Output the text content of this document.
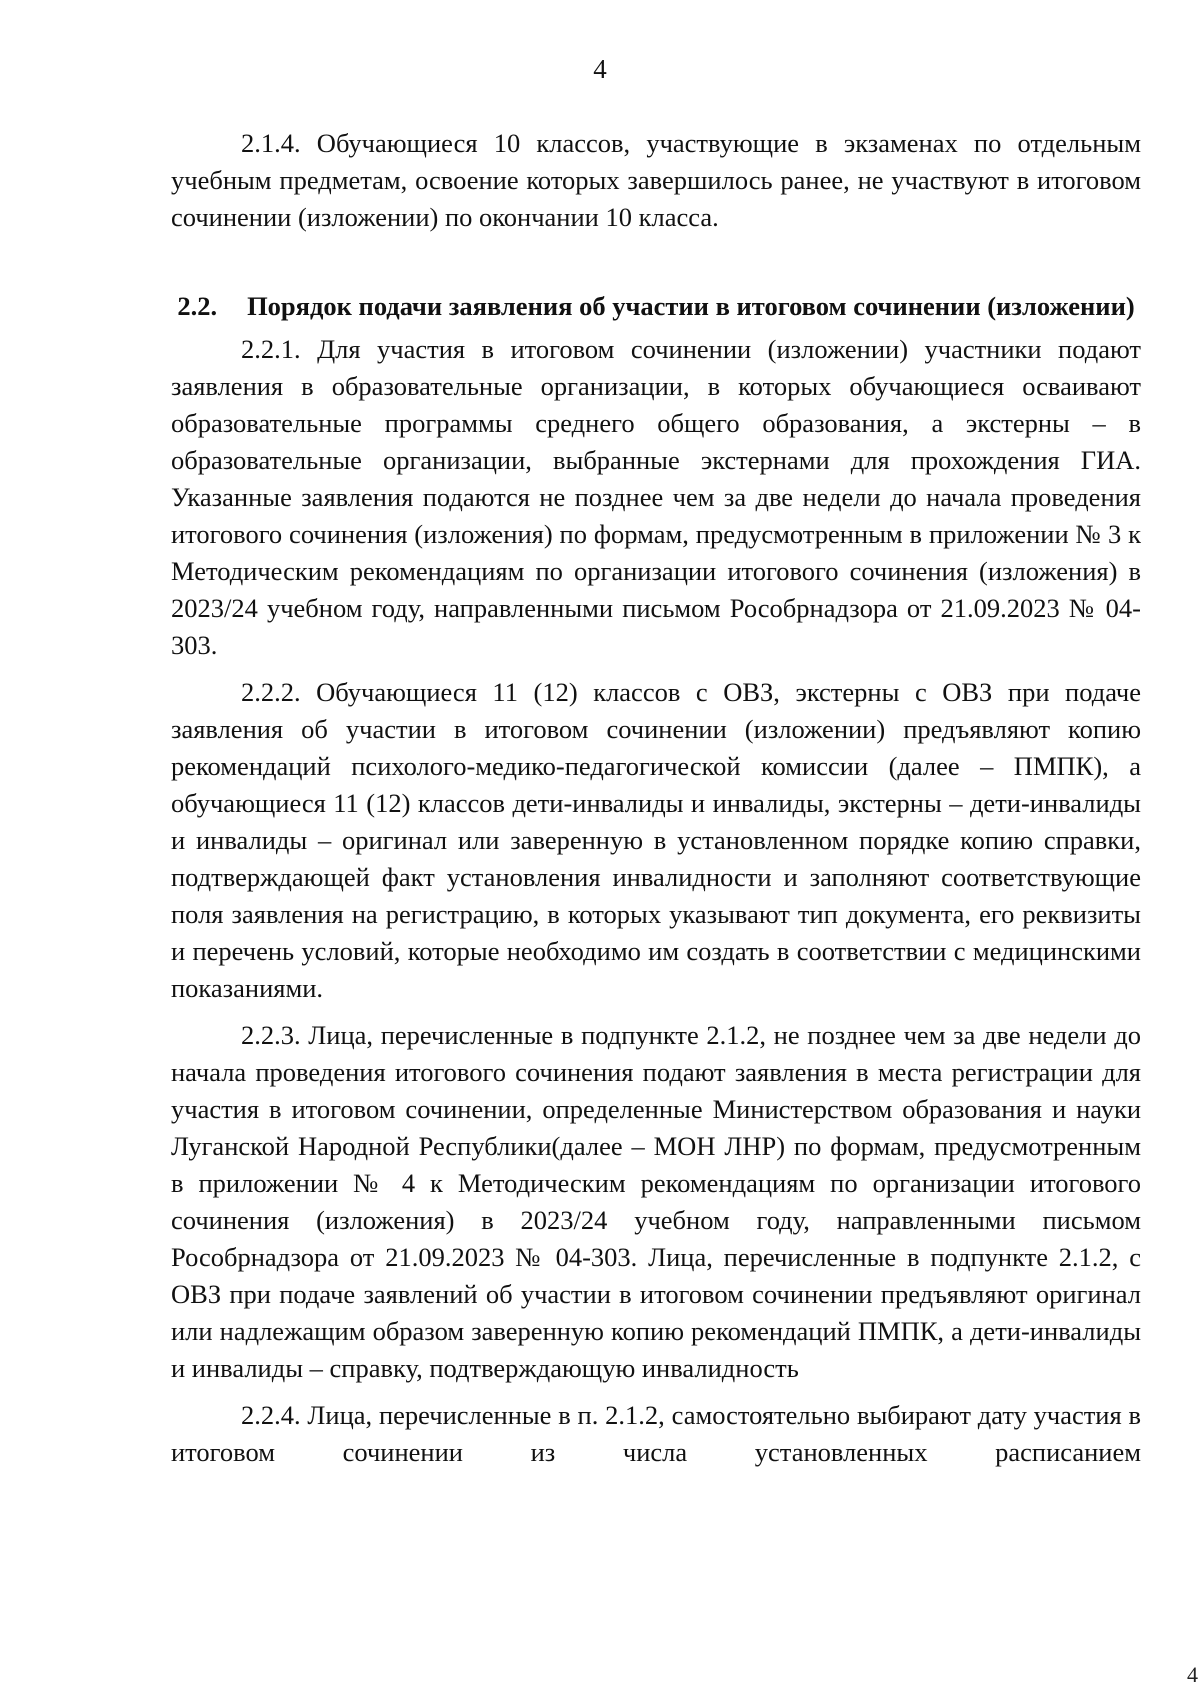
4

2.1.4. Обучающиеся 10 классов, участвующие в экзаменах по отдельным учебным предметам, освоение которых завершилось ранее, не участвуют в итоговом сочинении (изложении) по окончании 10 класса.

2.2. Порядок подачи заявления об участии в итоговом сочинении (изложении)

2.2.1. Для участия в итоговом сочинении (изложении) участники подают заявления в образовательные организации, в которых обучающиеся осваивают образовательные программы среднего общего образования, а экстерны – в образовательные организации, выбранные экстернами для прохождения ГИА. Указанные заявления подаются не позднее чем за две недели до начала проведения итогового сочинения (изложения) по формам, предусмотренным в приложении № 3 к Методическим рекомендациям по организации итогового сочинения (изложения) в 2023/24 учебном году, направленными письмом Рособрнадзора от 21.09.2023 № 04-303.

2.2.2. Обучающиеся 11 (12) классов с ОВЗ, экстерны с ОВЗ при подаче заявления об участии в итоговом сочинении (изложении) предъявляют копию рекомендаций психолого-медико-педагогической комиссии (далее – ПМПК), а обучающиеся 11 (12) классов дети-инвалиды и инвалиды, экстерны – дети-инвалиды и инвалиды – оригинал или заверенную в установленном порядке копию справки, подтверждающей факт установления инвалидности и заполняют соответствующие поля заявления на регистрацию, в которых указывают тип документа, его реквизиты и перечень условий, которые необходимо им создать в соответствии с медицинскими показаниями.

2.2.3. Лица, перечисленные в подпункте 2.1.2, не позднее чем за две недели до начала проведения итогового сочинения подают заявления в места регистрации для участия в итоговом сочинении, определенные Министерством образования и науки Луганской Народной Республики(далее – МОН ЛНР) по формам, предусмотренным в приложении № 4 к Методическим рекомендациям по организации итогового сочинения (изложения) в 2023/24 учебном году, направленными письмом Рособрнадзора от 21.09.2023 № 04-303. Лица, перечисленные в подпункте 2.1.2, с ОВЗ при подаче заявлений об участии в итоговом сочинении предъявляют оригинал или надлежащим образом заверенную копию рекомендаций ПМПК, а дети-инвалиды и инвалиды – справку, подтверждающую инвалидность

2.2.4. Лица, перечисленные в п. 2.1.2, самостоятельно выбирают дату участия в итоговом сочинении из числа установленных расписанием

4
